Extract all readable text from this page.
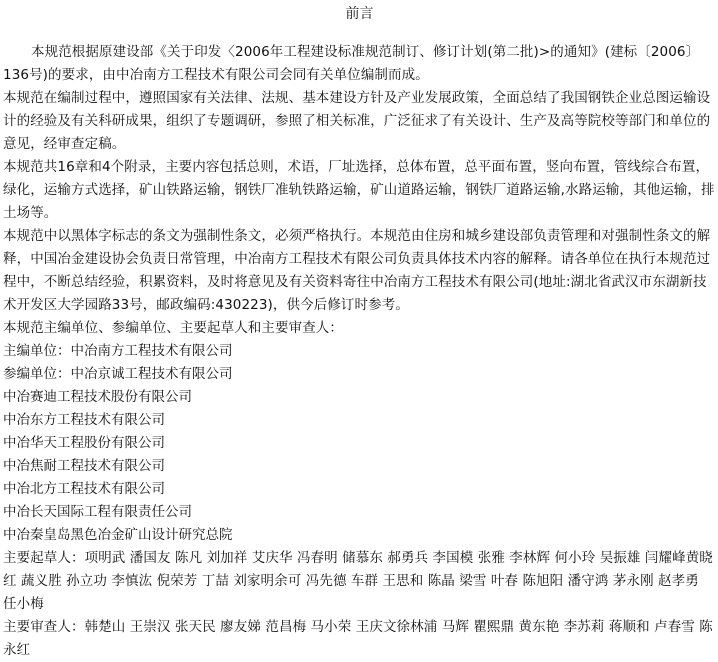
前言

本规范根据原建设部《关于印发〈2006年工程建设标准规范制订、修订计划(第二批)>的通知》(建标〔2006〕136号)的要求，由中冶南方工程技术有限公司会同有关单位编制而成。

本规范在编制过程中，遵照国家有关法律、法规、基本建设方针及产业发展政策，全面总结了我国钢铁企业总图运输设计的经验及有关科研成果，组织了专题调研，参照了相关标准，广泛征求了有关设计、生产及高等院校等部门和单位的意见，经审查定稿。

本规范共16章和4个附录，主要内容包括总则，术语，厂址选择，总体布置，总平面布置，竖向布置，管线综合布置，绿化，运输方式选择，矿山铁路运输，钢铁厂准轨铁路运输，矿山道路运输，钢铁厂道路运输,水路运输，其他运输，排土场等。

本规范中以黑体字标志的条文为强制性条文，必须严格执行。本规范由住房和城乡建设部负责管理和对强制性条文的解释，中国冶金建设协会负责日常管理，中冶南方工程技术有限公司负责具体技术内容的解释。请各单位在执行本规范过程中，不断总结经验，积累资料，及时将意见及有关资料寄往中冶南方工程技术有限公司(地址:湖北省武汉市东湖新技术开发区大学园路33号，邮政编码:430223)，供今后修订时参考。

本规范主编单位、参编单位、主要起草人和主要审查人：

主编单位：中冶南方工程技术有限公司

参编单位：中冶京诚工程技术有限公司

中冶赛迪工程技术股份有限公司

中冶东方工程技术有限公司

中冶华天工程股份有限公司

中冶焦耐工程技术有限公司

中冶北方工程技术有限公司

中冶长天国际工程有限责任公司

中冶秦皇岛黑色冶金矿山设计研究总院

主要起草人：项明武 潘国友 陈凡 刘加祥 艾庆华 冯春明 储慕东 郝勇兵 李国模 张雅 李林辉 何小玲 吴振雄 闫耀峰黄晓红 蔬义胜 孙立功 李慎汯 倪荣芳 丁喆 刘家明余可 冯先德 车群 王思和 陈晶 梁雪 叶春 陈旭阳 潘守鸿 茅永刚 赵孝勇 任小梅

主要审查人：韩楚山 王崇汉 张天民 廖友娣 范昌梅 马小荣 王庆文徐林浦 马辉 瞿熙鼎 黄东艳 李苏莉 蒋顺和 卢春雪 陈永红
